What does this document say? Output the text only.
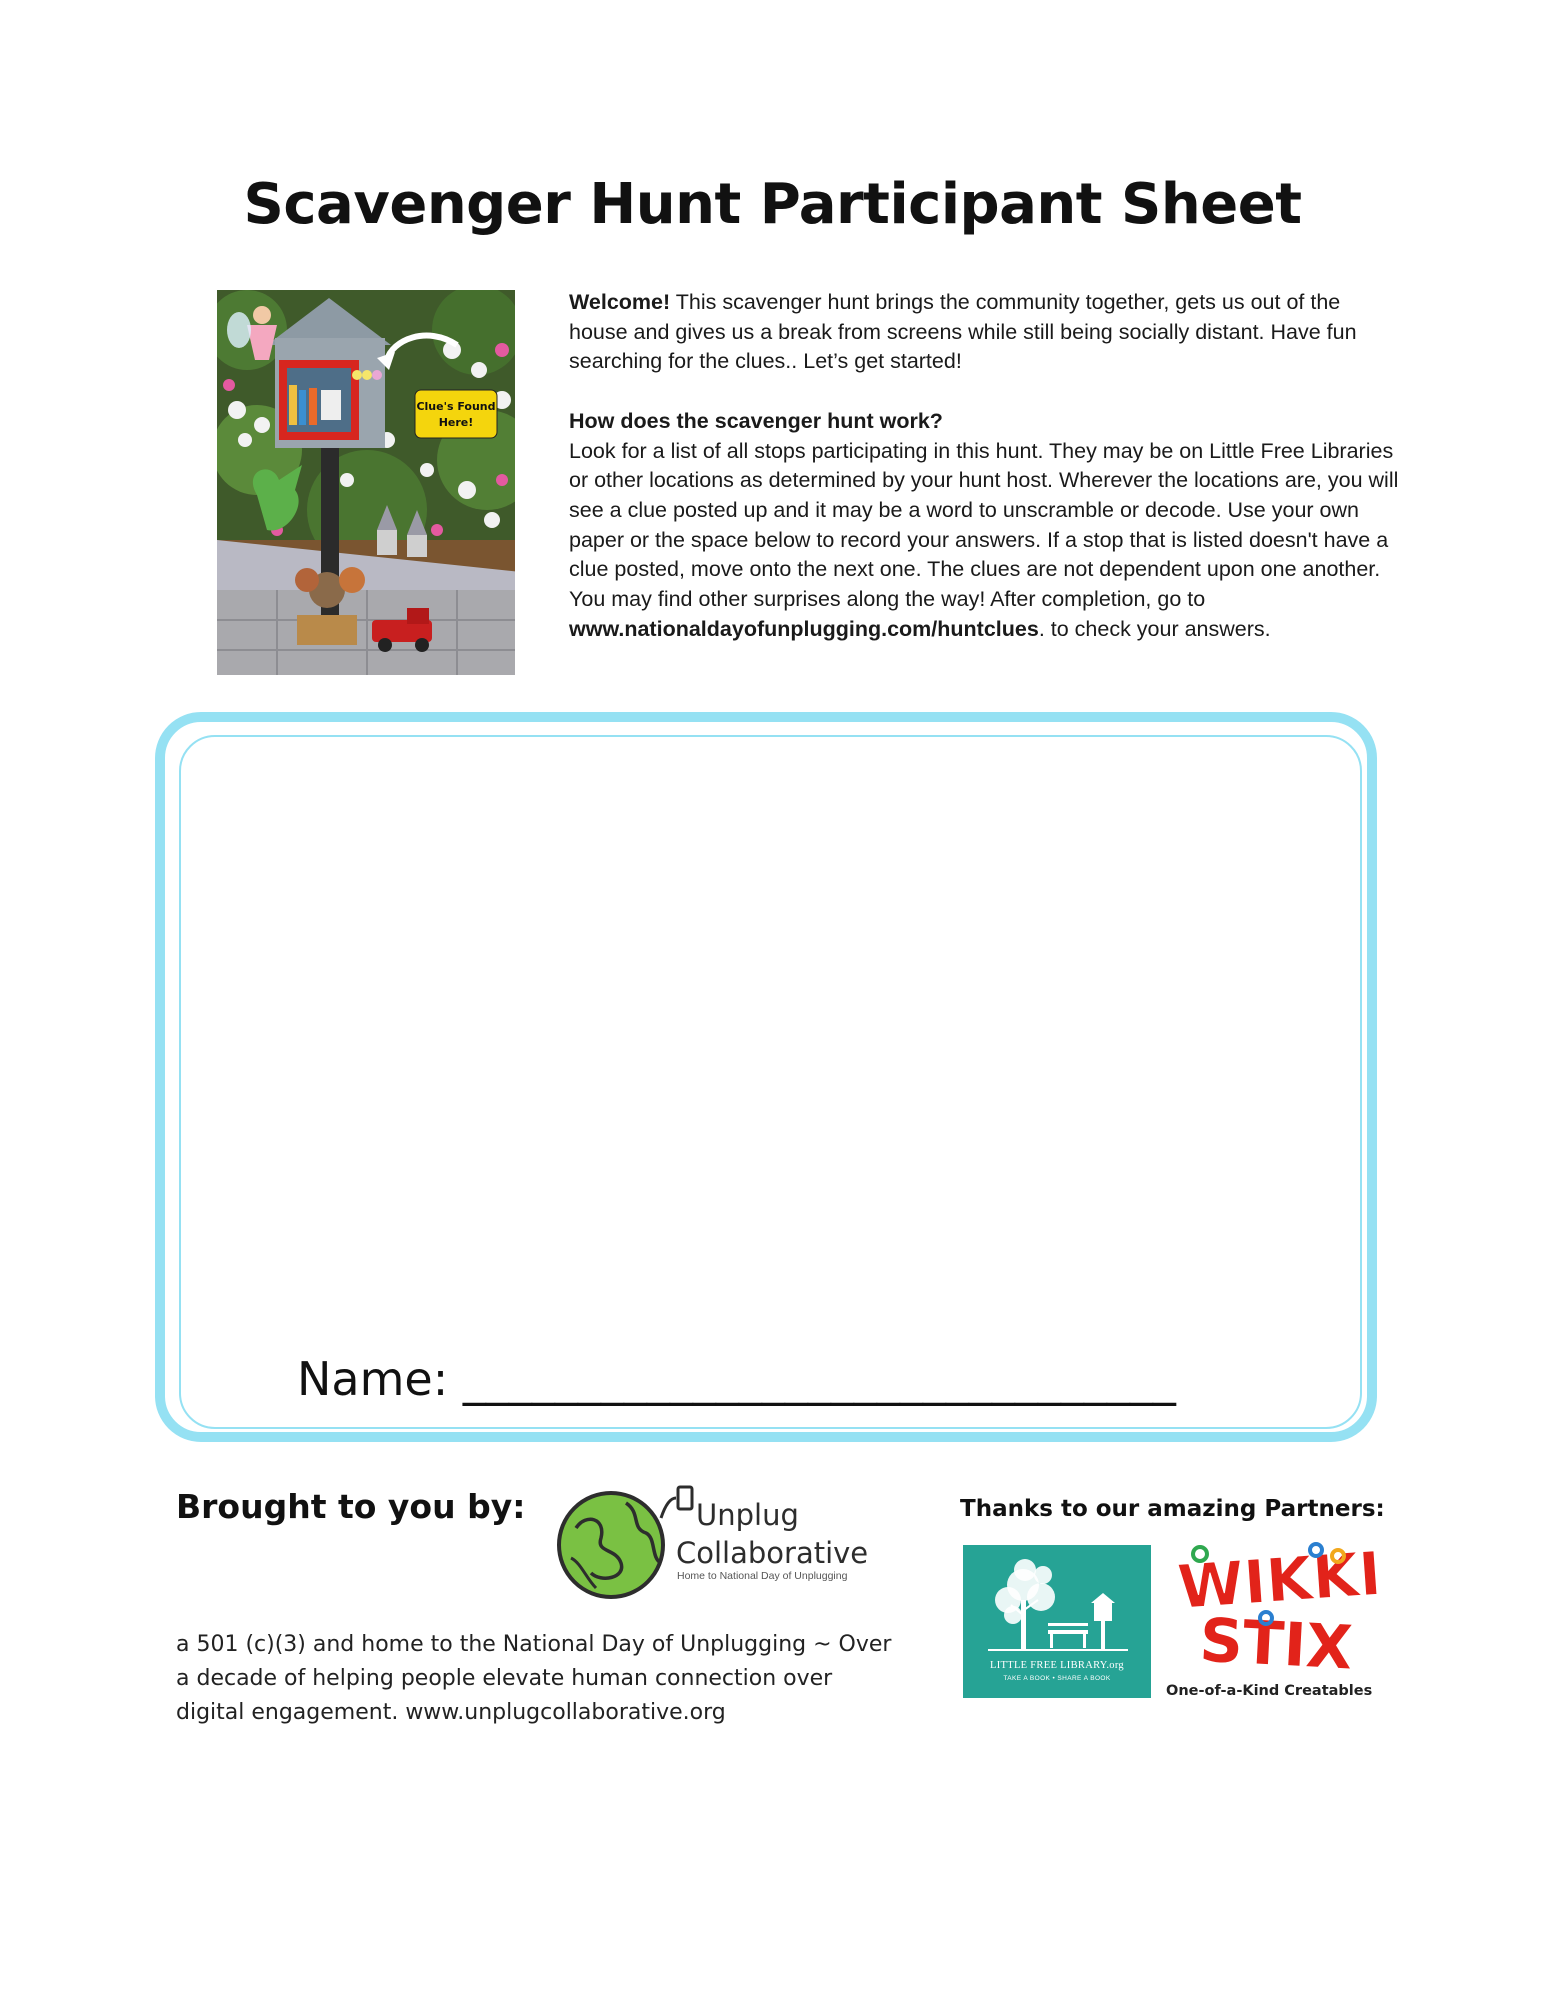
Scavenger Hunt Participant Sheet
Clue's Found
Here!

Welcome! This scavenger hunt brings the community together, gets us out of the house and gives us a break from screens while still being socially distant. Have fun searching for the clues.. Let’s get started!

How does the scavenger hunt work?

Look for a list of all stops participating in this hunt. They may be on Little Free Libraries or other locations as determined by your hunt host. Wherever the locations are, you will see a clue posted up and it may be a word to unscramble or decode. Use your own paper or the space below to record your answers. If a stop that is listed doesn't have a clue posted, move onto the next one. The clues are not dependent upon one another. You may find other surprises along the way! After completion, go to www.nationaldayofunplugging.com/huntclues. to check your answers.

Name: _______________________________
Brought to you by:	Unplug
Collaborative
Home to National Day of Unplugging
a 501 (c)(3) and home to the National Day of Unplugging ~ Over a decade of helping people elevate human connection over digital engagement. www.unplugcollaborative.org
Thanks to our amazing Partners:
LITTLE FREE LIBRARY.org
TAKE A BOOK • SHARE A BOOK
WIKKI
STIX
One-of-a-Kind Creatables
